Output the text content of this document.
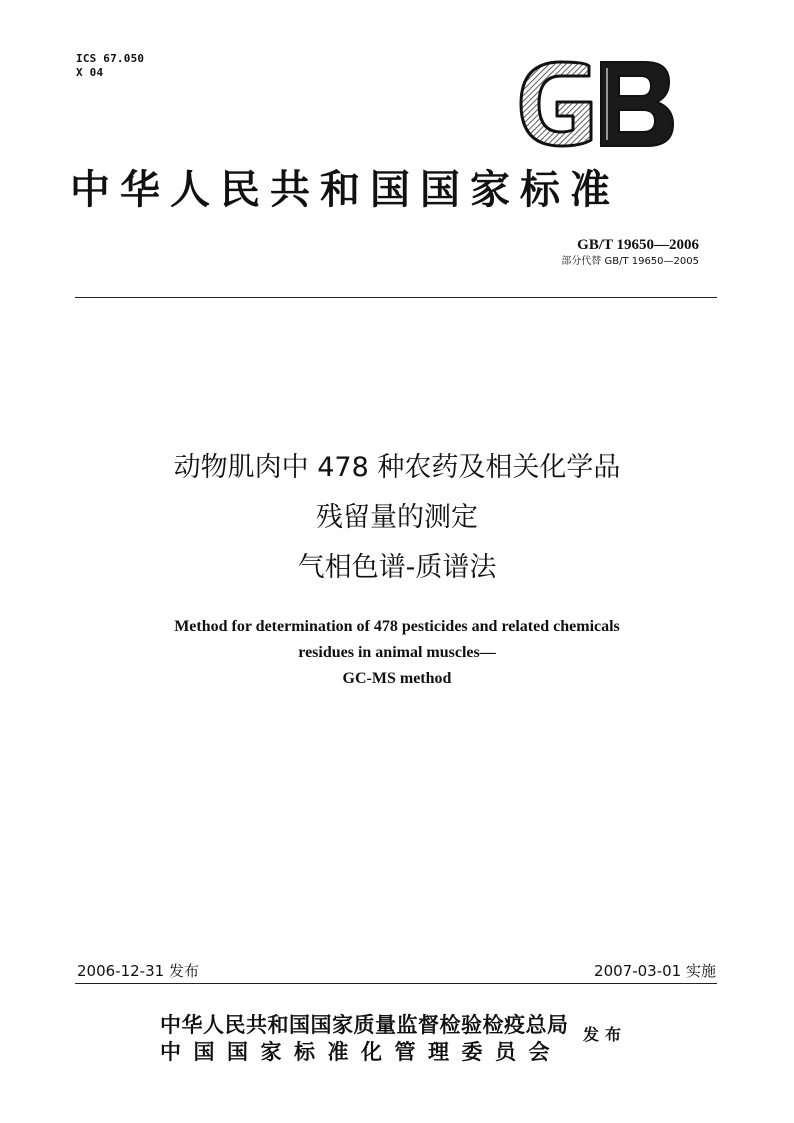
ICS 67.050
X 04
中华人民共和国国家标准
GB/T 19650—2006
部分代替 GB/T 19650—2005
动物肌肉中 478 种农药及相关化学品
残留量的测定
气相色谱-质谱法
Method for determination of 478 pesticides and related chemicals
residues in animal muscles—
GC-MS method
2006-12-31 发布	2007-03-01 实施
中华人民共和国国家质量监督检验检疫总局
中国国家标准化管理委员会
发布
